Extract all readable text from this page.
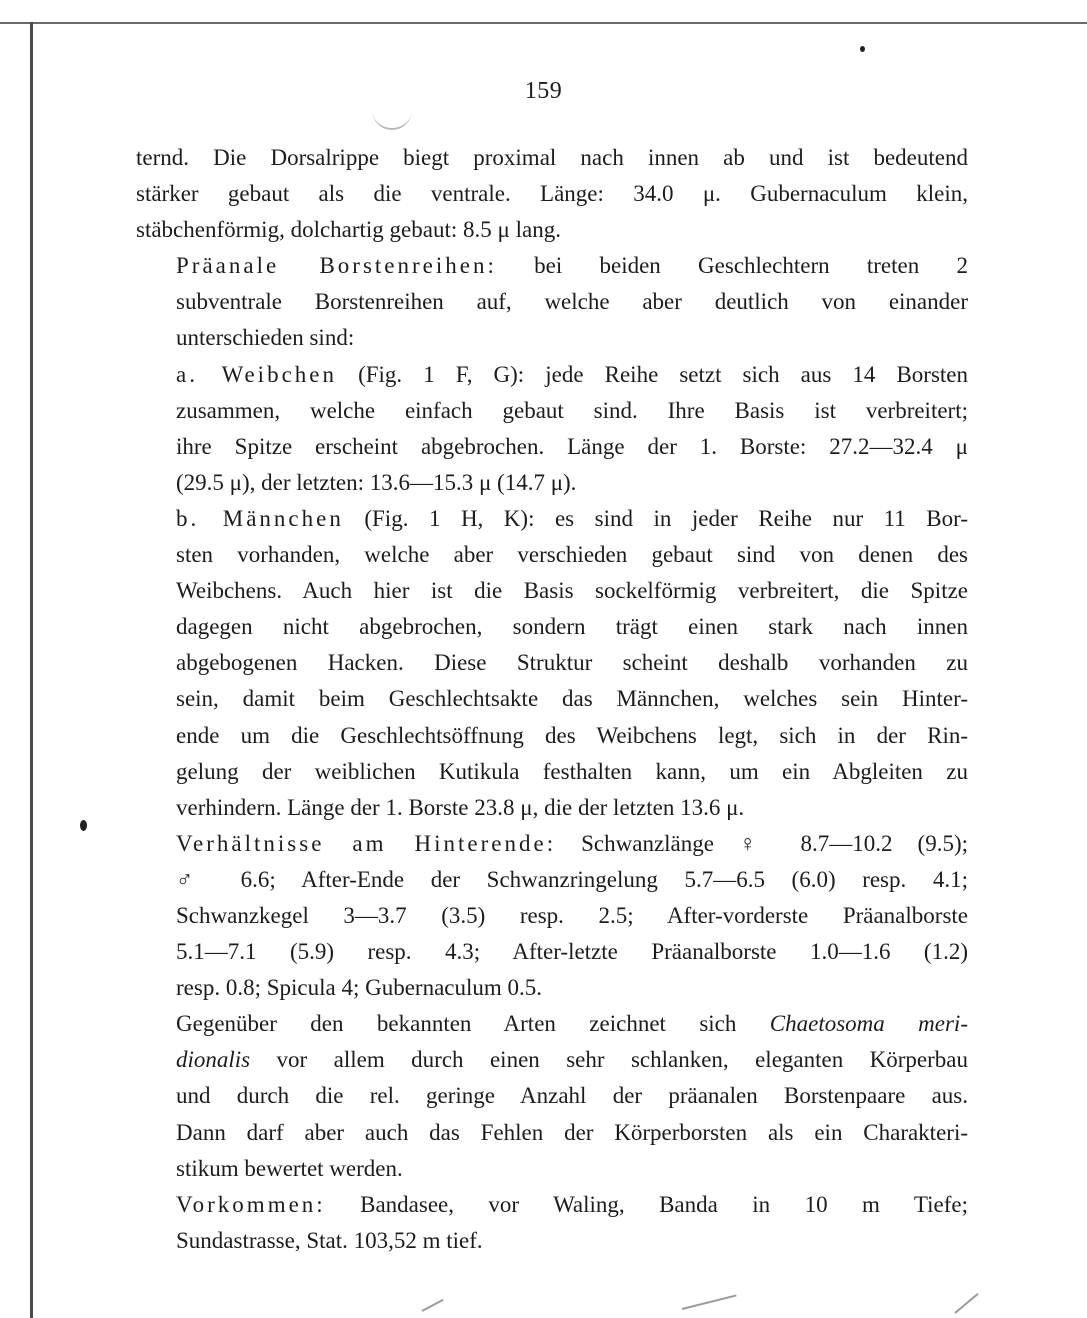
159

ternd. Die Dorsalrippe biegt proximal nach innen ab und ist bedeutend
stärker gebaut als die ventrale. Länge: 34.0 μ. Gubernaculum klein,
stäbchenförmig, dolchartig gebaut: 8.5 μ lang.

Präanale Borstenreihen: bei beiden Geschlechtern treten 2
subventrale Borstenreihen auf, welche aber deutlich von einander
unterschieden sind:

a. Weibchen (Fig. 1 F, G): jede Reihe setzt sich aus 14 Borsten
zusammen, welche einfach gebaut sind. Ihre Basis ist verbreitert;
ihre Spitze erscheint abgebrochen. Länge der 1. Borste: 27.2—32.4 μ
(29.5 μ), der letzten: 13.6—15.3 μ (14.7 μ).

b. Männchen (Fig. 1 H, K): es sind in jeder Reihe nur 11 Bor-
sten vorhanden, welche aber verschieden gebaut sind von denen des
Weibchens. Auch hier ist die Basis sockelförmig verbreitert, die Spitze
dagegen nicht abgebrochen, sondern trägt einen stark nach innen
abgebogenen Hacken. Diese Struktur scheint deshalb vorhanden zu
sein, damit beim Geschlechtsakte das Männchen, welches sein Hinter-
ende um die Geschlechtsöffnung des Weibchens legt, sich in der Rin-
gelung der weiblichen Kutikula festhalten kann, um ein Abgleiten zu
verhindern. Länge der 1. Borste 23.8 μ, die der letzten 13.6 μ.

Verhältnisse am Hinterende: Schwanzlänge ♀ 8.7—10.2 (9.5);
♂ 6.6; After-Ende der Schwanzringelung 5.7—6.5 (6.0) resp. 4.1;
Schwanzkegel 3—3.7 (3.5) resp. 2.5; After-vorderste Präanalborste
5.1—7.1 (5.9) resp. 4.3; After-letzte Präanalborste 1.0—1.6 (1.2)
resp. 0.8; Spicula 4; Gubernaculum 0.5.

Gegenüber den bekannten Arten zeichnet sich Chaetosoma meri-
dionalis vor allem durch einen sehr schlanken, eleganten Körperbau
und durch die rel. geringe Anzahl der präanalen Borstenpaare aus.
Dann darf aber auch das Fehlen der Körperborsten als ein Charakteri-
stikum bewertet werden.

Vorkommen: Bandasee, vor Waling, Banda in 10 m Tiefe;
Sundastrasse, Stat. 103,52 m tief.
